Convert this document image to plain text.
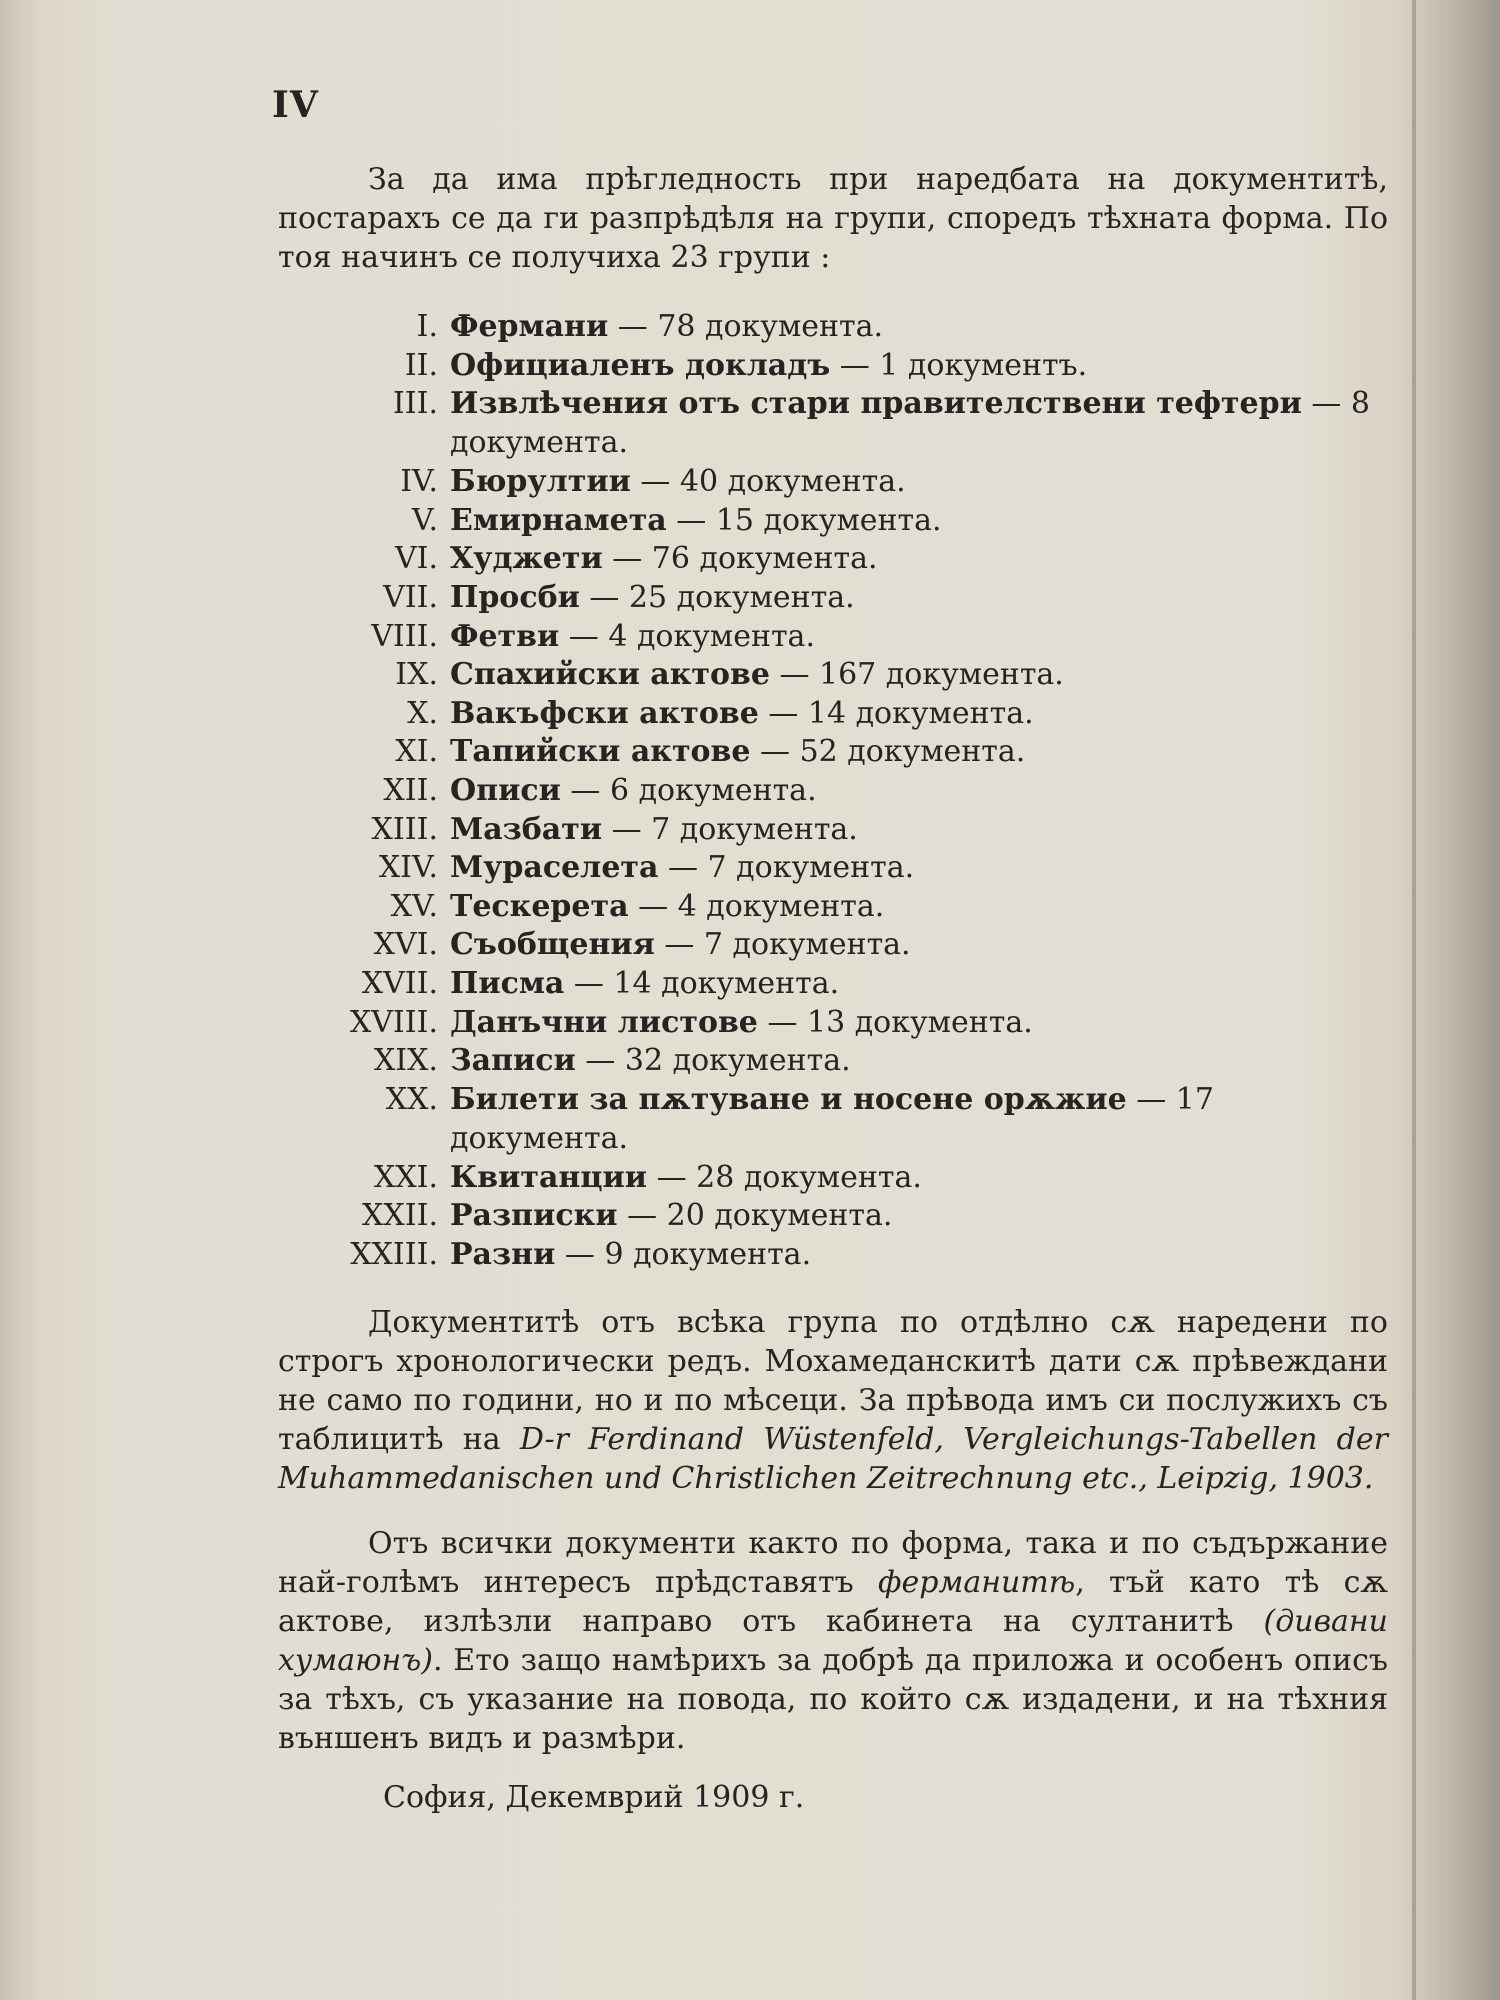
IV

За да има прѣгледность при наредбата на документитѣ, постарахъ се да ги разпрѣдѣля на групи, споредъ тѣхната форма. По тоя начинъ се получиха 23 групи :

I. Фермани — 78 документа.
II. Официаленъ докладъ — 1 документъ.
III. Извлѣчения отъ стари правителствени тефтери — 8 документа.
IV. Бюрултии — 40 документа.
V. Емирнамета — 15 документа.
VI. Худжети — 76 документа.
VII. Просби — 25 документа.
VIII. Фетви — 4 документа.
IX. Спахийски актове — 167 документа.
X. Вакъфски актове — 14 документа.
XI. Тапийски актове — 52 документа.
XII. Описи — 6 документа.
XIII. Мазбати — 7 документа.
XIV. Мураселета — 7 документа.
XV. Тескерета — 4 документа.
XVI. Съобщения — 7 документа.
XVII. Писма — 14 документа.
XVIII. Данъчни листове — 13 документа.
XIX. Записи — 32 документа.
XX. Билети за пѫтуване и носене орѫжие — 17 документа.
XXI. Квитанции — 28 документа.
XXII. Разписки — 20 документа.
XXIII. Разни — 9 документа.

Документитѣ отъ всѣка група по отдѣлно сѫ наредени по строгъ хронологически редъ. Мохамеданскитѣ дати сѫ прѣвеждани не само по години, но и по мѣсеци. За прѣвода имъ си послужихъ съ таблицитѣ на D-r Ferdinand Wüstenfeld, Vergleichungs-Tabellen der Muhammedanischen und Christlichen Zeitrechnung etc., Leipzig, 1903.

Отъ всички документи както по форма, така и по съдържание най-голѣмъ интересъ прѣдставятъ ферманитѣ, тъй като тѣ сѫ актове, излѣзли направо отъ кабинета на султанитѣ (дивани хумаюнъ). Ето защо намѣрихъ за добрѣ да приложа и особенъ описъ за тѣхъ, съ указание на повода, по който сѫ издадени, и на тѣхния външенъ видъ и размѣри.

София, Декемврий 1909 г.
